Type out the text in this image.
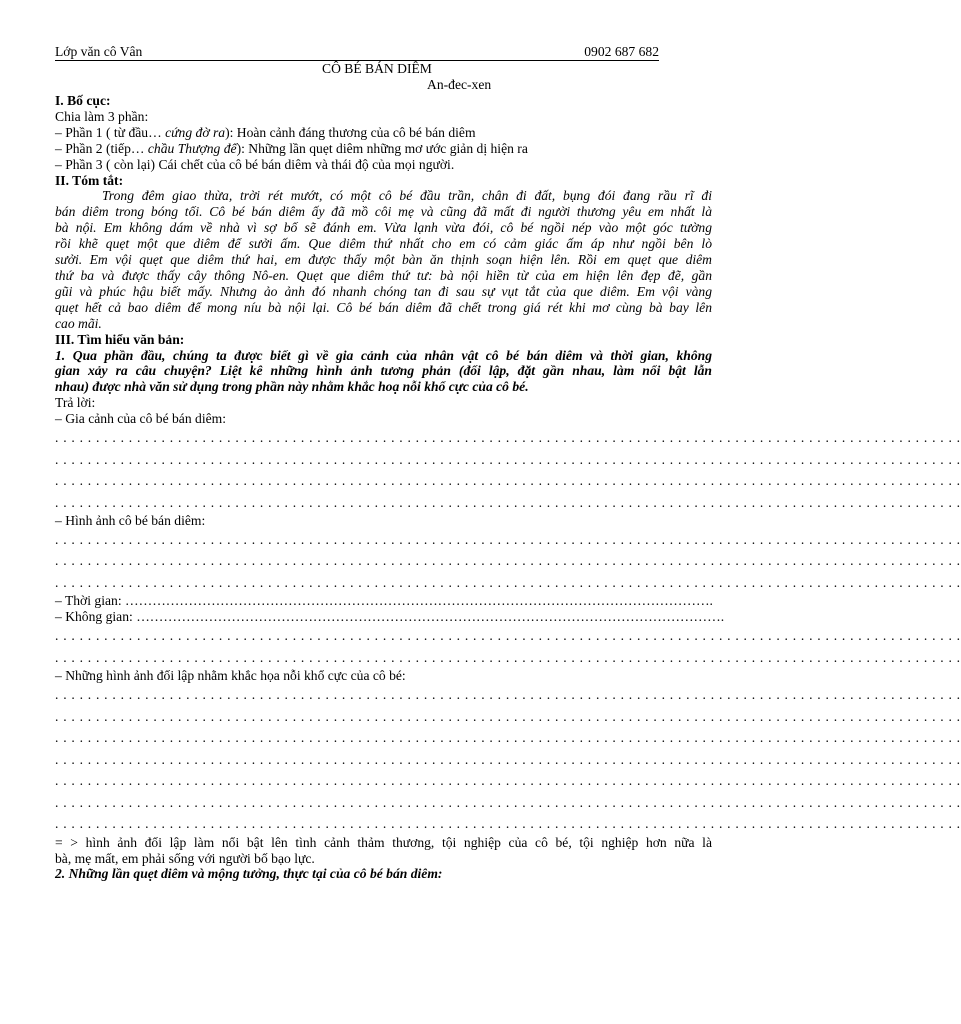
Lớp văn cô Vân	0902 687 682
CÔ BÉ BÁN DIÊM
An-đec-xen
I. Bố cục:
Chia làm 3 phần:
– Phần 1 ( từ đầu… cứng đờ ra): Hoàn cảnh đáng thương của cô bé bán diêm
– Phần 2 (tiếp… chầu Thượng đế): Những lần quẹt diêm những mơ ước giản dị hiện ra
– Phần 3 ( còn lại) Cái chết của cô bé bán diêm và thái độ của mọi người.
II. Tóm tắt:
Trong đêm giao thừa, trời rét mướt, có một cô bé đầu trần, chân đi đất, bụng đói đang rầu rĩ đi
bán diêm trong bóng tối. Cô bé bán diêm ấy đã mồ côi mẹ và cũng đã mất đi người thương yêu em nhất là
bà nội. Em không dám về nhà vì sợ bố sẽ đánh em. Vừa lạnh vừa đói, cô bé ngồi nép vào một góc tường
rồi khẽ quẹt một que diêm để sưởi ấm. Que diêm thứ nhất cho em có cảm giác ấm áp như ngồi bên lò
sưởi. Em vội quẹt que diêm thứ hai, em được thấy một bàn ăn thịnh soạn hiện lên. Rồi em quẹt que diêm
thứ ba và được thấy cây thông Nô-en. Quẹt que diêm thứ tư: bà nội hiền từ của em hiện lên đẹp đẽ, gần
gũi và phúc hậu biết mấy. Nhưng ảo ảnh đó nhanh chóng tan đi sau sự vụt tắt của que diêm. Em vội vàng
quẹt hết cả bao diêm để mong níu bà nội lại. Cô bé bán diêm đã chết trong giá rét khi mơ cùng bà bay lên
cao mãi.
III. Tìm hiểu văn bản:
1. Qua phần đầu, chúng ta được biết gì về gia cảnh của nhân vật cô bé bán diêm và thời gian, không
gian xảy ra câu chuyện? Liệt kê những hình ảnh tương phản (đối lập, đặt gần nhau, làm nổi bật lẫn
nhau) được nhà văn sử dụng trong phần này nhằm khắc hoạ nỗi khổ cực của cô bé.
Trả lời:
– Gia cảnh của cô bé bán diêm:
. . . . . . . . . . . . . . . . . . . . . . . . . . . . . . . . . . . . . . . . . . . . . . . . . . . . . . . . . . . . . . . . . . . . . . . . . . . . . . . . . . . . . . . . . . . . . . . . . . . . . . . . . . . . . . .
. . . . . . . . . . . . . . . . . . . . . . . . . . . . . . . . . . . . . . . . . . . . . . . . . . . . . . . . . . . . . . . . . . . . . . . . . . . . . . . . . . . . . . . . . . . . . . . . . . . . . . . . . . . . . . .
. . . . . . . . . . . . . . . . . . . . . . . . . . . . . . . . . . . . . . . . . . . . . . . . . . . . . . . . . . . . . . . . . . . . . . . . . . . . . . . . . . . . . . . . . . . . . . . . . . . . . . . . . . . . . . .
. . . . . . . . . . . . . . . . . . . . . . . . . . . . . . . . . . . . . . . . . . . . . . . . . . . . . . . . . . . . . . . . . . . . . . . . . . . . . . . . . . . . . . . . . . . . . . . . . . . . . . . . . . . . . . .
– Hình ảnh cô bé bán diêm:
. . . . . . . . . . . . . . . . . . . . . . . . . . . . . . . . . . . . . . . . . . . . . . . . . . . . . . . . . . . . . . . . . . . . . . . . . . . . . . . . . . . . . . . . . . . . . . . . . . . . . . . . . . . . . . .
. . . . . . . . . . . . . . . . . . . . . . . . . . . . . . . . . . . . . . . . . . . . . . . . . . . . . . . . . . . . . . . . . . . . . . . . . . . . . . . . . . . . . . . . . . . . . . . . . . . . . . . . . . . . . . .
. . . . . . . . . . . . . . . . . . . . . . . . . . . . . . . . . . . . . . . . . . . . . . . . . . . . . . . . . . . . . . . . . . . . . . . . . . . . . . . . . . . . . . . . . . . . . . . . . . . . . . . . . . . . . . .
– Thời gian: ………………………………………………………………………………………………………………….
– Không gian: ………………………………………………………………………………………………………………….
. . . . . . . . . . . . . . . . . . . . . . . . . . . . . . . . . . . . . . . . . . . . . . . . . . . . . . . . . . . . . . . . . . . . . . . . . . . . . . . . . . . . . . . . . . . . . . . . . . . . . . . . . . . . . . .
. . . . . . . . . . . . . . . . . . . . . . . . . . . . . . . . . . . . . . . . . . . . . . . . . . . . . . . . . . . . . . . . . . . . . . . . . . . . . . . . . . . . . . . . . . . . . . . . . . . . . . . . . . . . . . .
– Những hình ảnh đối lập nhằm khắc họa nỗi khổ cực của cô bé:
. . . . . . . . . . . . . . . . . . . . . . . . . . . . . . . . . . . . . . . . . . . . . . . . . . . . . . . . . . . . . . . . . . . . . . . . . . . . . . . . . . . . . . . . . . . . . . . . . . . . . . . . . . . . . . .
. . . . . . . . . . . . . . . . . . . . . . . . . . . . . . . . . . . . . . . . . . . . . . . . . . . . . . . . . . . . . . . . . . . . . . . . . . . . . . . . . . . . . . . . . . . . . . . . . . . . . . . . . . . . . . .
. . . . . . . . . . . . . . . . . . . . . . . . . . . . . . . . . . . . . . . . . . . . . . . . . . . . . . . . . . . . . . . . . . . . . . . . . . . . . . . . . . . . . . . . . . . . . . . . . . . . . . . . . . . . . . .
. . . . . . . . . . . . . . . . . . . . . . . . . . . . . . . . . . . . . . . . . . . . . . . . . . . . . . . . . . . . . . . . . . . . . . . . . . . . . . . . . . . . . . . . . . . . . . . . . . . . . . . . . . . . . . .
. . . . . . . . . . . . . . . . . . . . . . . . . . . . . . . . . . . . . . . . . . . . . . . . . . . . . . . . . . . . . . . . . . . . . . . . . . . . . . . . . . . . . . . . . . . . . . . . . . . . . . . . . . . . . . .
. . . . . . . . . . . . . . . . . . . . . . . . . . . . . . . . . . . . . . . . . . . . . . . . . . . . . . . . . . . . . . . . . . . . . . . . . . . . . . . . . . . . . . . . . . . . . . . . . . . . . . . . . . . . . . .
. . . . . . . . . . . . . . . . . . . . . . . . . . . . . . . . . . . . . . . . . . . . . . . . . . . . . . . . . . . . . . . . . . . . . . . . . . . . . . . . . . . . . . . . . . . . . . . . . . . . . . . . . . . . . . .
= > hình ảnh đối lập làm nổi bật lên tình cảnh thảm thương, tội nghiệp của cô bé, tội nghiệp hơn nữa là
bà, mẹ mất, em phải sống với người bố bạo lực.
2. Những lần quẹt diêm và mộng tưởng, thực tại của cô bé bán diêm:
